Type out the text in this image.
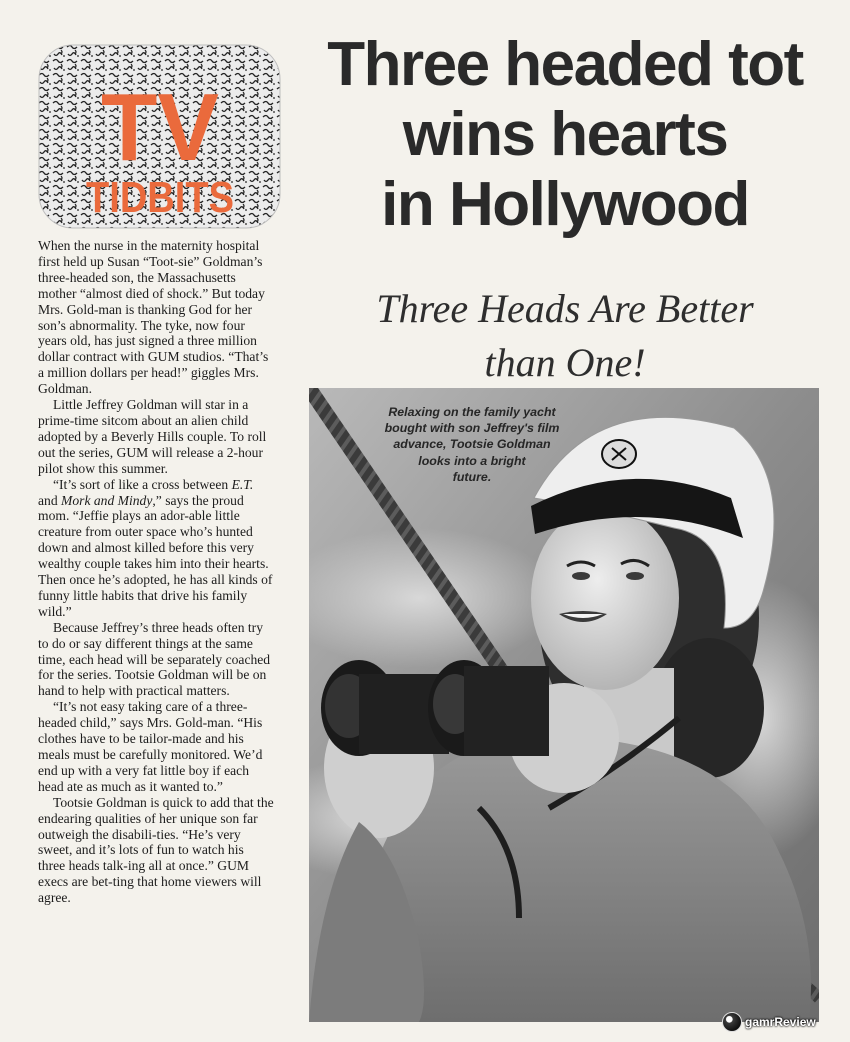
TV
TIDBITS

When the nurse in the maternity hospital first held up Susan “Toot-sie” Goldman’s three-headed son, the Massachusetts mother “almost died of shock.” But today Mrs. Gold-man is thanking God for her son’s abnormality. The tyke, now four years old, has just signed a three million dollar contract with GUM studios. “That’s a million dollars per head!” giggles Mrs. Goldman.

Little Jeffrey Goldman will star in a prime-time sitcom about an alien child adopted by a Beverly Hills couple. To roll out the series, GUM will release a 2-hour pilot show this summer.

“It’s sort of like a cross between E.T. and Mork and Mindy,” says the proud mom. “Jeffie plays an ador-able little creature from outer space who’s hunted down and almost killed before this very wealthy couple takes him into their hearts. Then once he’s adopted, he has all kinds of funny little habits that drive his family wild.”

Because Jeffrey’s three heads often try to do or say different things at the same time, each head will be separately coached for the series. Tootsie Goldman will be on hand to help with practical matters.

“It’s not easy taking care of a three-headed child,” says Mrs. Gold-man. “His clothes have to be tailor-made and his meals must be carefully monitored. We’d end up with a very fat little boy if each head ate as much as it wanted to.”

Tootsie Goldman is quick to add that the endearing qualities of her unique son far outweigh the disabili-ties. “He’s very sweet, and it’s lots of fun to watch his three heads talk-ing all at once.” GUM execs are bet-ting that home viewers will agree.

Three headed tot
wins hearts
in Hollywood
Three Heads Are Better
than One!
Relaxing on the family yacht
bought with son Jeffrey's film
advance, Tootsie Goldman
looks into a bright
future.
gamrReview
